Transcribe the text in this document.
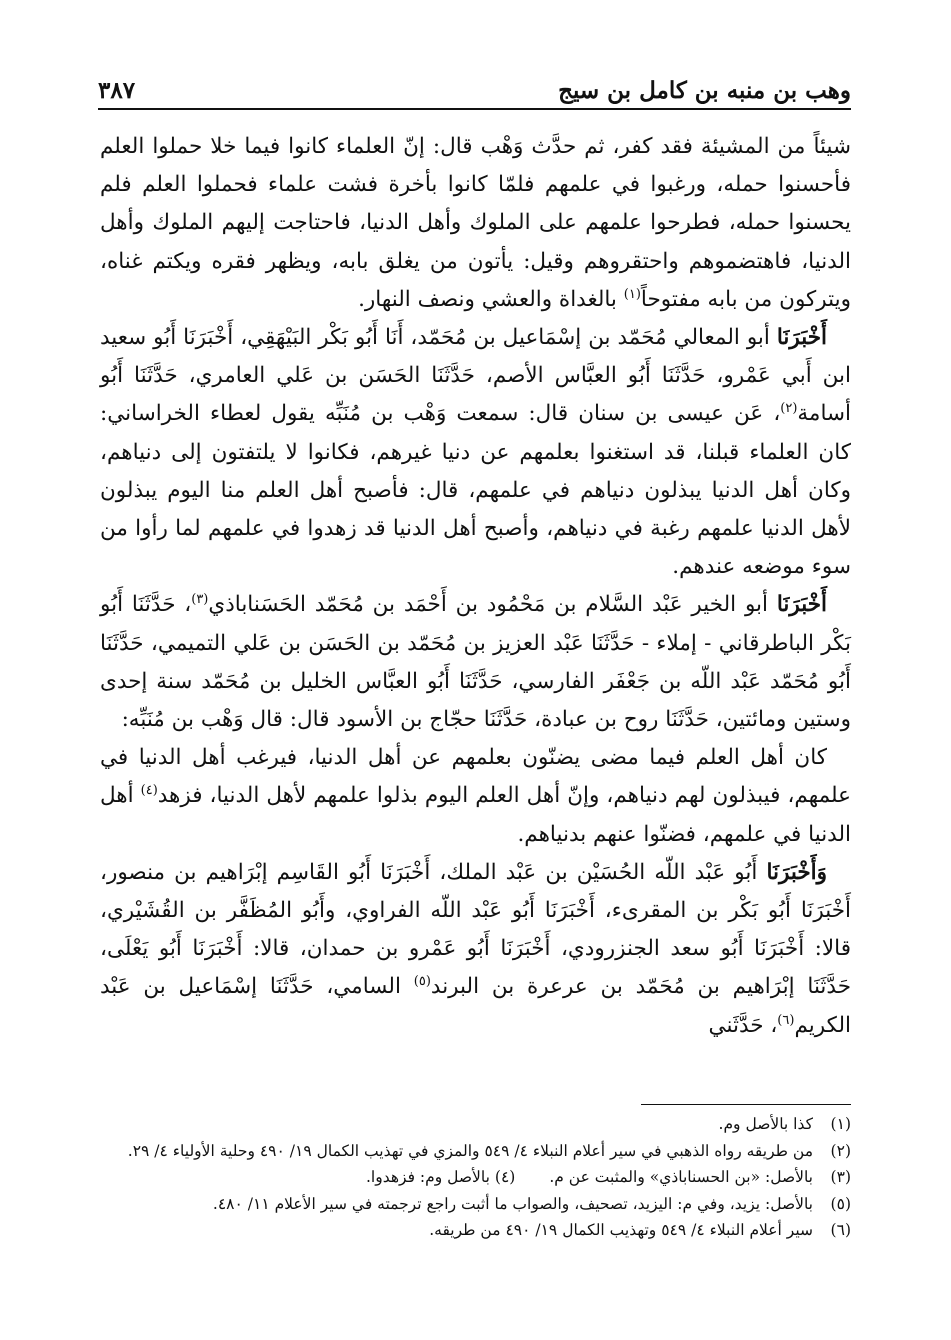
وهب بن منبه بن كامل بن سيج
٣٨٧

شيئاً من المشيئة فقد كفر، ثم حدَّث وَهْب قال: إنّ العلماء كانوا فيما خلا حملوا العلم فأحسنوا حمله، ورغبوا في علمهم فلمّا كانوا بأخرة فشت علماء فحملوا العلم فلم يحسنوا حمله، فطرحوا علمهم على الملوك وأهل الدنيا، فاحتاجت إليهم الملوك وأهل الدنيا، فاهتضموهم واحتقروهم وقيل: يأتون من يغلق بابه، ويظهر فقره ويكتم غناه، ويتركون من بابه مفتوحاً$^{(١)}$ بالغداة والعشي ونصف النهار.

أَخْبَرَنَا أبو المعالي مُحَمّد بن إسْمَاعيل بن مُحَمّد، أَنَا أَبُو بَكْر البَيْهَقِي، أَخْبَرَنَا أَبُو سعيد ابن أَبي عَمْرو، حَدَّثَنَا أَبُو العبَّاس الأصم، حَدَّثَنَا الحَسَن بن عَلي العامري، حَدَّثَنَا أَبُو أسامة$^{(٢)}$، عَن عيسى بن سنان قال: سمعت وَهْب بن مُنَبِّه يقول لعطاء الخراساني: كان العلماء قبلنا، قد استغنوا بعلمهم عن دنيا غيرهم، فكانوا لا يلتفتون إلى دنياهم، وكان أهل الدنيا يبذلون دنياهم في علمهم، قال: فأصبح أهل العلم منا اليوم يبذلون لأهل الدنيا علمهم رغبة في دنياهم، وأصبح أهل الدنيا قد زهدوا في علمهم لما رأوا من سوء موضعه عندهم.

أَخْبَرَنَا أبو الخير عَبْد السَّلام بن مَحْمُود بن أَحْمَد بن مُحَمّد الحَسَناباذي$^{(٣)}$، حَدَّثَنَا أَبُو بَكْر الباطرقاني - إملاء - حَدَّثَنَا عَبْد العزيز بن مُحَمّد بن الحَسَن بن عَلي التميمي، حَدَّثَنَا أَبُو مُحَمّد عَبْد اللّه بن جَعْفَر الفارسي، حَدَّثَنَا أَبُو العبَّاس الخليل بن مُحَمّد سنة إحدى وستين ومائتين، حَدَّثَنَا روح بن عبادة، حَدَّثَنَا حجّاج بن الأسود قال: قال وَهْب بن مُنَبِّه:

كان أهل العلم فيما مضى يضنّون بعلمهم عن أهل الدنيا، فيرغب أهل الدنيا في علمهم، فيبذلون لهم دنياهم، وإنّ أهل العلم اليوم بذلوا علمهم لأهل الدنيا، فزهد$^{(٤)}$ أهل الدنيا في علمهم، فضنّوا عنهم بدنياهم.

وَأَخْبَرَنَا أَبُو عَبْد اللّه الحُسَيْن بن عَبْد الملك، أَخْبَرَنَا أَبُو القَاسِم إبْرَاهيم بن منصور، أَخْبَرَنَا أَبُو بَكْر بن المقرىء، أَخْبَرَنَا أَبُو عَبْد اللّه الفراوي، وأَبُو المُظَفَّر بن القُشَيْري، قالا: أَخْبَرَنَا أَبُو سعد الجنزرودي، أَخْبَرَنَا أَبُو عَمْرو بن حمدان، قالا: أَخْبَرَنَا أَبُو يَعْلَى، حَدَّثَنَا إبْرَاهيم بن مُحَمّد بن عرعرة بن البرند$^{(٥)}$ السامي، حَدَّثَنَا إسْمَاعيل بن عَبْد الكريم$^{(٦)}$، حَدَّثَني

(١)
كذا بالأصل وم.
(٢)
من طريقه رواه الذهبي في سير أعلام النبلاء ٤/ ٥٤٩ والمزي في تهذيب الكمال ١٩/ ٤٩٠ وحلية الأولياء ٤/ ٢٩.
(٣)
بالأصل: «بن الحسناباذي» والمثبت عن م.(٤) بالأصل وم: فزهدوا.
(٥)
بالأصل: يزيد، وفي م: اليزيد، تصحيف، والصواب ما أثبت راجع ترجمته في سير الأعلام ١١/ ٤٨٠.
(٦)
سير أعلام النبلاء ٤/ ٥٤٩ وتهذيب الكمال ١٩/ ٤٩٠ من طريقه.
